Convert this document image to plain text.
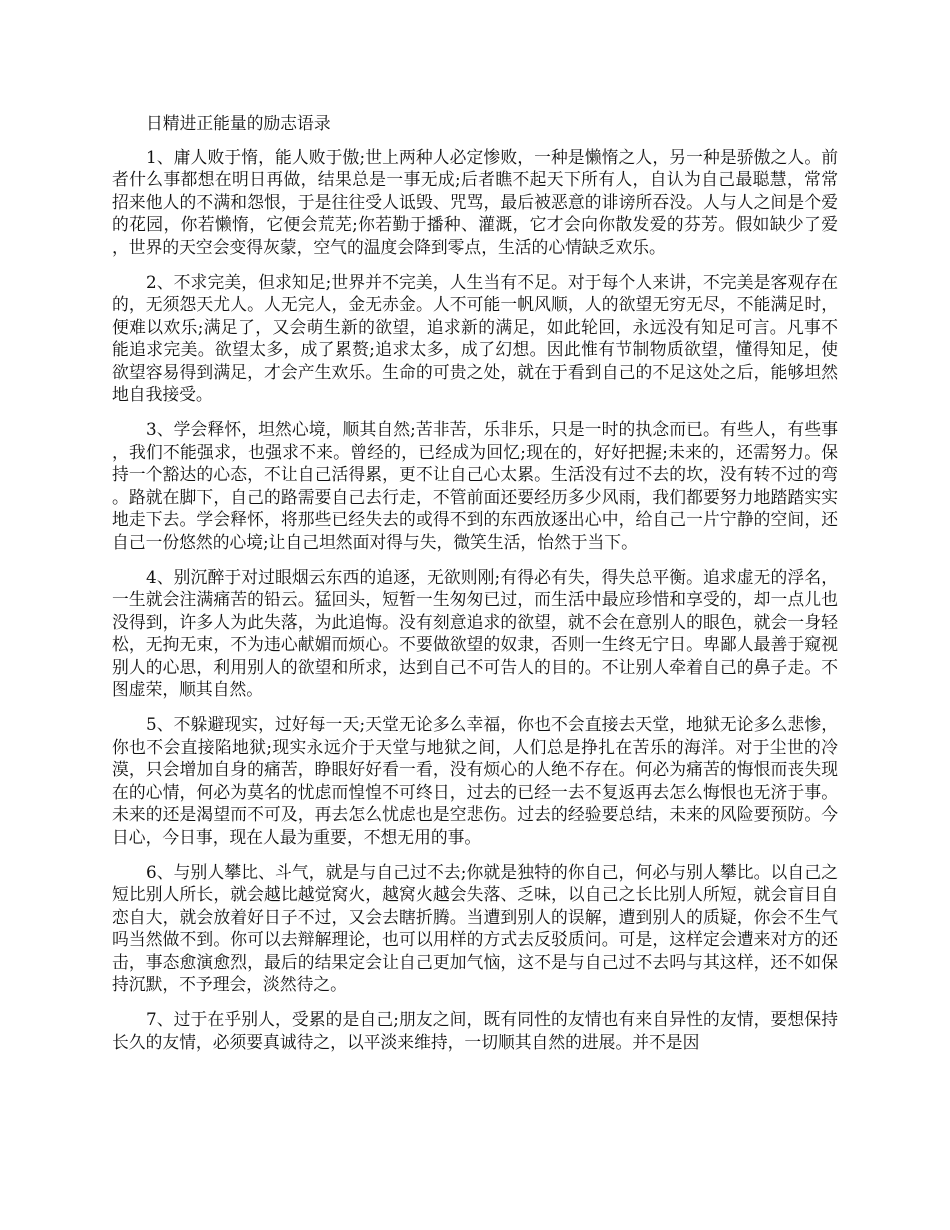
日精进正能量的励志语录

1、庸人败于惰，能人败于傲;世上两种人必定惨败，一种是懒惰之人，另一种是骄傲之人。前者什么事都想在明日再做，结果总是一事无成;后者瞧不起天下所有人，自认为自己最聪慧，常常招来他人的不满和怨恨，于是往往受人诋毁、咒骂，最后被恶意的诽谤所吞没。人与人之间是个爱的花园，你若懒惰，它便会荒芜;你若勤于播种、灌溉，它才会向你散发爱的芬芳。假如缺少了爱，世界的天空会变得灰蒙，空气的温度会降到零点，生活的心情缺乏欢乐。

2、不求完美，但求知足;世界并不完美，人生当有不足。对于每个人来讲，不完美是客观存在的，无须怨天尤人。人无完人，金无赤金。人不可能一帆风顺，人的欲望无穷无尽，不能满足时，便难以欢乐;满足了，又会萌生新的欲望，追求新的满足，如此轮回，永远没有知足可言。凡事不能追求完美。欲望太多，成了累赘;追求太多，成了幻想。因此惟有节制物质欲望，懂得知足，使欲望容易得到满足，才会产生欢乐。生命的可贵之处，就在于看到自己的不足这处之后，能够坦然地自我接受。

3、学会释怀，坦然心境，顺其自然;苦非苦，乐非乐，只是一时的执念而已。有些人，有些事，我们不能强求，也强求不来。曾经的，已经成为回忆;现在的，好好把握;未来的，还需努力。保持一个豁达的心态，不让自己活得累，更不让自己心太累。生活没有过不去的坎，没有转不过的弯。路就在脚下，自己的路需要自己去行走，不管前面还要经历多少风雨，我们都要努力地踏踏实实地走下去。学会释怀，将那些已经失去的或得不到的东西放逐出心中，给自己一片宁静的空间，还自己一份悠然的心境;让自己坦然面对得与失，微笑生活，怡然于当下。

4、别沉醉于对过眼烟云东西的追逐，无欲则刚;有得必有失，得失总平衡。追求虚无的浮名，一生就会注满痛苦的铅云。猛回头，短暂一生匆匆已过，而生活中最应珍惜和享受的，却一点儿也没得到，许多人为此失落，为此追悔。没有刻意追求的欲望，就不会在意别人的眼色，就会一身轻松，无拘无束，不为违心献媚而烦心。不要做欲望的奴隶，否则一生终无宁日。卑鄙人最善于窥视别人的心思，利用别人的欲望和所求，达到自己不可告人的目的。不让别人牵着自己的鼻子走。不图虚荣，顺其自然。

5、不躲避现实，过好每一天;天堂无论多么幸福，你也不会直接去天堂，地狱无论多么悲惨，你也不会直接陷地狱;现实永远介于天堂与地狱之间，人们总是挣扎在苦乐的海洋。对于尘世的冷漠，只会增加自身的痛苦，睁眼好好看一看，没有烦心的人绝不存在。何必为痛苦的悔恨而丧失现在的心情，何必为莫名的忧虑而惶惶不可终日，过去的已经一去不复返再去怎么悔恨也无济于事。未来的还是渴望而不可及，再去怎么忧虑也是空悲伤。过去的经验要总结，未来的风险要预防。今日心，今日事，现在人最为重要，不想无用的事。

6、与别人攀比、斗气，就是与自己过不去;你就是独特的你自己，何必与别人攀比。以自己之短比别人所长，就会越比越觉窝火，越窝火越会失落、乏味，以自己之长比别人所短，就会盲目自恋自大，就会放着好日子不过，又会去瞎折腾。当遭到别人的误解，遭到别人的质疑，你会不生气吗当然做不到。你可以去辩解理论，也可以用样的方式去反驳质问。可是，这样定会遭来对方的还击，事态愈演愈烈，最后的结果定会让自己更加气恼，这不是与自己过不去吗与其这样，还不如保持沉默，不予理会，淡然待之。

7、过于在乎别人，受累的是自己;朋友之间，既有同性的友情也有来自异性的友情，要想保持长久的友情，必须要真诚待之，以平淡来维持，一切顺其自然的进展。并不是因
